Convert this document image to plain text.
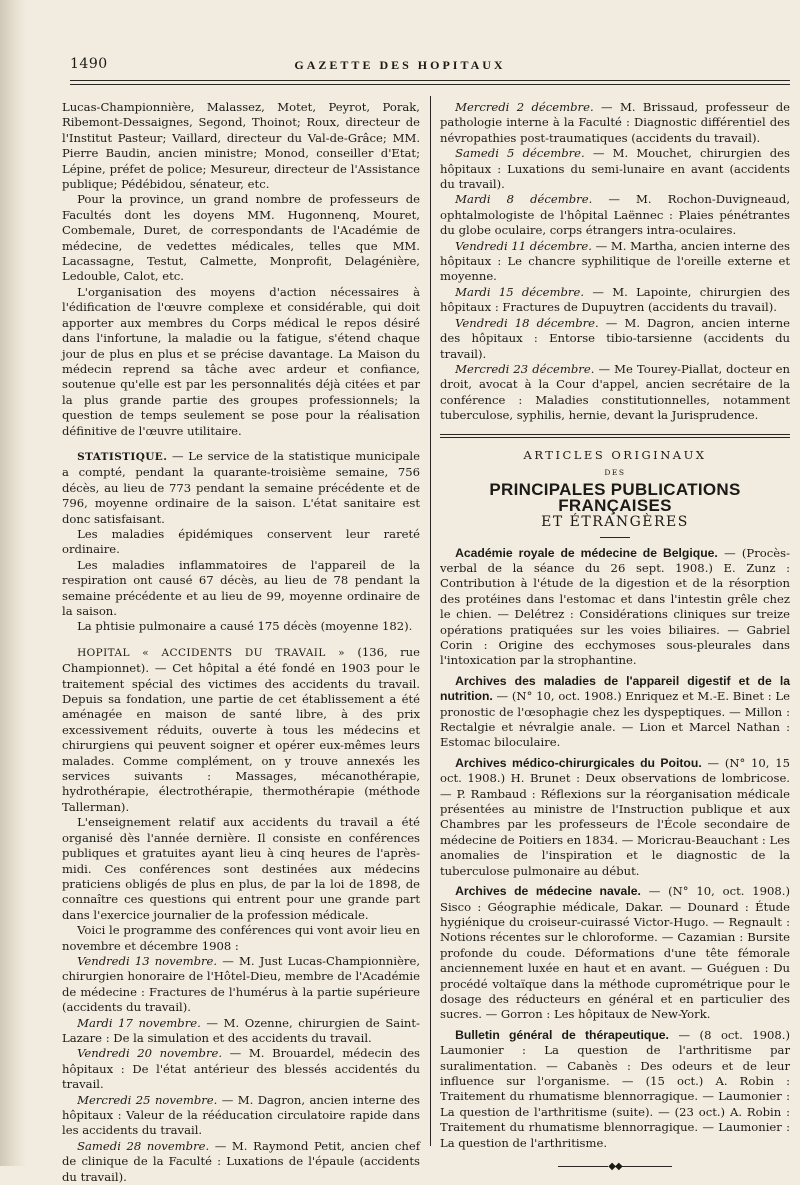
1490	GAZETTE DES HOPITAUX

Lucas-Championnière, Malassez, Motet, Peyrot, Porak, Ribemont-Dessaignes, Segond, Thoinot; Roux, directeur de l'Institut Pasteur; Vaillard, directeur du Val-de-Grâce; MM. Pierre Baudin, ancien ministre; Monod, conseiller d'Etat; Lépine, préfet de police; Mesureur, directeur de l'Assistance publique; Pédébidou, sénateur, etc.

Pour la province, un grand nombre de professeurs de Facultés dont les doyens MM. Hugonnenq, Mouret, Combemale, Duret, de correspondants de l'Académie de médecine, de vedettes médicales, telles que MM. Lacassagne, Testut, Calmette, Monprofit, Delagénière, Ledouble, Calot, etc.

L'organisation des moyens d'action nécessaires à l'édification de l'œuvre complexe et considérable, qui doit apporter aux membres du Corps médical le repos désiré dans l'infortune, la maladie ou la fatigue, s'étend chaque jour de plus en plus et se précise davantage. La Maison du médecin reprend sa tâche avec ardeur et confiance, soutenue qu'elle est par les personnalités déjà citées et par la plus grande partie des groupes professionnels; la question de temps seulement se pose pour la réalisation définitive de l'œuvre utilitaire.

STATISTIQUE. — Le service de la statistique municipale a compté, pendant la quarante-troisième semaine, 756 décès, au lieu de 773 pendant la semaine précédente et de 796, moyenne ordinaire de la saison. L'état sanitaire est donc satisfaisant.

Les maladies épidémiques conservent leur rareté ordinaire.

Les maladies inflammatoires de l'appareil de la respiration ont causé 67 décès, au lieu de 78 pendant la semaine précédente et au lieu de 99, moyenne ordinaire de la saison.

La phtisie pulmonaire a causé 175 décès (moyenne 182).

HOPITAL « ACCIDENTS DU TRAVAIL » (136, rue Championnet). — Cet hôpital a été fondé en 1903 pour le traitement spécial des victimes des accidents du travail. Depuis sa fondation, une partie de cet établissement a été aménagée en maison de santé libre, à des prix excessivement réduits, ouverte à tous les médecins et chirurgiens qui peuvent soigner et opérer eux-mêmes leurs malades. Comme complément, on y trouve annexés les services suivants : Massages, mécanothérapie, hydrothérapie, électrothérapie, thermothérapie (méthode Tallerman).

L'enseignement relatif aux accidents du travail a été organisé dès l'année dernière. Il consiste en conférences publiques et gratuites ayant lieu à cinq heures de l'après-midi. Ces conférences sont destinées aux médecins praticiens obligés de plus en plus, de par la loi de 1898, de connaître ces questions qui entrent pour une grande part dans l'exercice journalier de la profession médicale.

Voici le programme des conférences qui vont avoir lieu en novembre et décembre 1908 :

Vendredi 13 novembre. — M. Just Lucas-Championnière, chirurgien honoraire de l'Hôtel-Dieu, membre de l'Académie de médecine : Fractures de l'humérus à la partie supérieure (accidents du travail).

Mardi 17 novembre. — M. Ozenne, chirurgien de Saint-Lazare : De la simulation et des accidents du travail.

Vendredi 20 novembre. — M. Brouardel, médecin des hôpitaux : De l'état antérieur des blessés accidentés du travail.

Mercredi 25 novembre. — M. Dagron, ancien interne des hôpitaux : Valeur de la rééducation circulatoire rapide dans les accidents du travail.

Samedi 28 novembre. — M. Raymond Petit, ancien chef de clinique de la Faculté : Luxations de l'épaule (accidents du travail).

Mercredi 2 décembre. — M. Brissaud, professeur de pathologie interne à la Faculté : Diagnostic différentiel des névropathies post-traumatiques (accidents du travail).

Samedi 5 décembre. — M. Mouchet, chirurgien des hôpitaux : Luxations du semi-lunaire en avant (accidents du travail).

Mardi 8 décembre. — M. Rochon-Duvigneaud, ophtalmologiste de l'hôpital Laënnec : Plaies pénétrantes du globe oculaire, corps étrangers intra-oculaires.

Vendredi 11 décembre. — M. Martha, ancien interne des hôpitaux : Le chancre syphilitique de l'oreille externe et moyenne.

Mardi 15 décembre. — M. Lapointe, chirurgien des hôpitaux : Fractures de Dupuytren (accidents du travail).

Vendredi 18 décembre. — M. Dagron, ancien interne des hôpitaux : Entorse tibio-tarsienne (accidents du travail).

Mercredi 23 décembre. — Me Tourey-Piallat, docteur en droit, avocat à la Cour d'appel, ancien secrétaire de la conférence : Maladies constitutionnelles, notamment tuberculose, syphilis, hernie, devant la Jurisprudence.

ARTICLES ORIGINAUX
DES
PRINCIPALES PUBLICATIONS FRANÇAISES
ET ÉTRANGÈRES

Académie royale de médecine de Belgique. — (Procès-verbal de la séance du 26 sept. 1908.) E. Zunz : Contribution à l'étude de la digestion et de la résorption des protéines dans l'estomac et dans l'intestin grêle chez le chien. — Delétrez : Considérations cliniques sur treize opérations pratiquées sur les voies biliaires. — Gabriel Corin : Origine des ecchymoses sous-pleurales dans l'intoxication par la strophantine.

Archives des maladies de l'appareil digestif et de la nutrition. — (N° 10, oct. 1908.) Enriquez et M.-E. Binet : Le pronostic de l'œsophagie chez les dyspeptiques. — Millon : Rectalgie et névralgie anale. — Lion et Marcel Nathan : Estomac biloculaire.

Archives médico-chirurgicales du Poitou. — (N° 10, 15 oct. 1908.) H. Brunet : Deux observations de lombricose. — P. Rambaud : Réflexions sur la réorganisation médicale présentées au ministre de l'Instruction publique et aux Chambres par les professeurs de l'École secondaire de médecine de Poitiers en 1834. — Moricrau-Beauchant : Les anomalies de l'inspiration et le diagnostic de la tuberculose pulmonaire au début.

Archives de médecine navale. — (N° 10, oct. 1908.) Sisco : Géographie médicale, Dakar. — Dounard : Étude hygiénique du croiseur-cuirassé Victor-Hugo. — Regnault : Notions récentes sur le chloroforme. — Cazamian : Bursite profonde du coude. Déformations d'une tête fémorale anciennement luxée en haut et en avant. — Guéguen : Du procédé voltaïque dans la méthode cuprométrique pour le dosage des réducteurs en général et en particulier des sucres. — Gorron : Les hôpitaux de New-York.

Bulletin général de thérapeutique. — (8 oct. 1908.) Laumonier : La question de l'arthritisme par suralimentation. — Cabanès : Des odeurs et de leur influence sur l'organisme. — (15 oct.) A. Robin : Traitement du rhumatisme blennorragique. — Laumonier : La question de l'arthritisme (suite). — (23 oct.) A. Robin : Traitement du rhumatisme blennorragique. — Laumonier : La question de l'arthritisme.

◆◆
